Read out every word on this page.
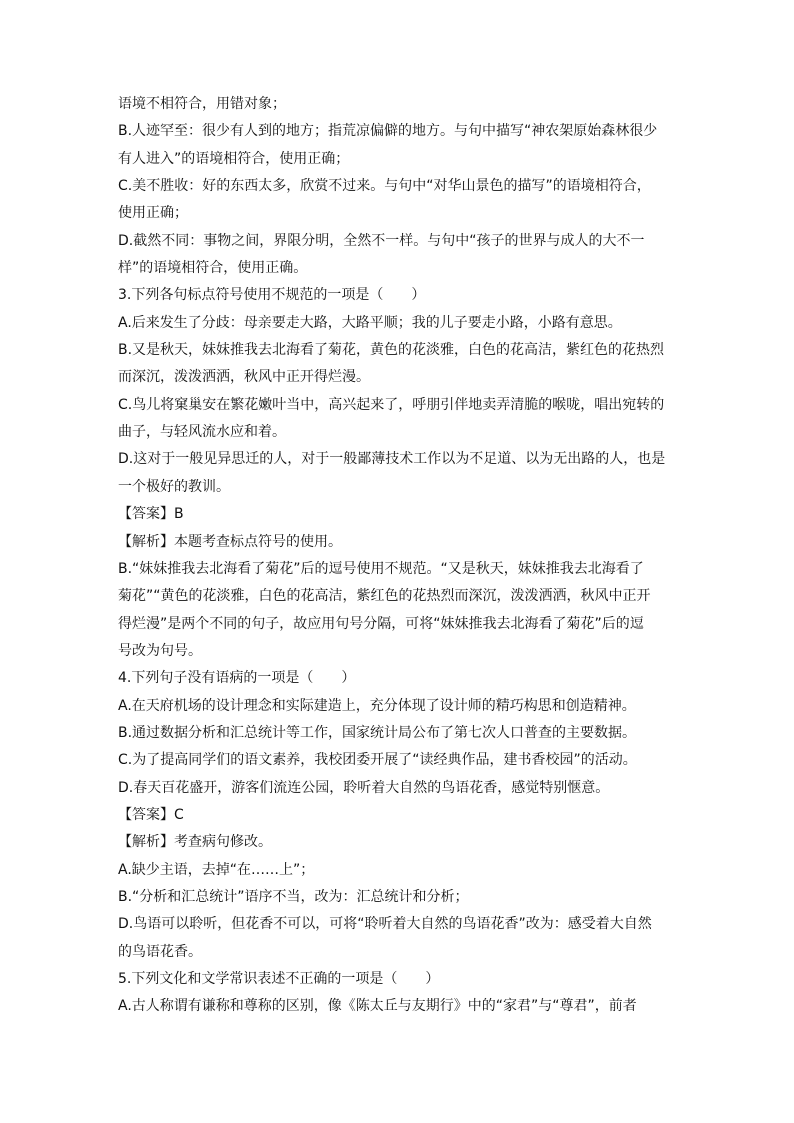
语境不相符合，用错对象；
B.人迹罕至：很少有人到的地方；指荒凉偏僻的地方。与句中描写“神农架原始森林很少
有人进入”的语境相符合，使用正确；
C.美不胜收：好的东西太多，欣赏不过来。与句中“对华山景色的描写”的语境相符合，
使用正确；
D.截然不同：事物之间，界限分明，全然不一样。与句中“孩子的世界与成人的大不一
样”的语境相符合，使用正确。
3.下列各句标点符号使用不规范的一项是（　　）
A.后来发生了分歧：母亲要走大路，大路平顺；我的儿子要走小路，小路有意思。
B.又是秋天，妹妹推我去北海看了菊花，黄色的花淡雅，白色的花高洁，紫红色的花热烈
而深沉，泼泼洒洒，秋风中正开得烂漫。
C.鸟儿将窠巢安在繁花嫩叶当中，高兴起来了，呼朋引伴地卖弄清脆的喉咙，唱出宛转的
曲子，与轻风流水应和着。
D.这对于一般见异思迁的人，对于一般鄙薄技术工作以为不足道、以为无出路的人，也是
一个极好的教训。
【答案】B
【解析】本题考查标点符号的使用。
B.“妹妹推我去北海看了菊花”后的逗号使用不规范。“又是秋天，妹妹推我去北海看了
菊花”“黄色的花淡雅，白色的花高洁，紫红色的花热烈而深沉，泼泼洒洒，秋风中正开
得烂漫”是两个不同的句子，故应用句号分隔，可将“妹妹推我去北海看了菊花”后的逗
号改为句号。
4.下列句子没有语病的一项是（　　）
A.在天府机场的设计理念和实际建造上，充分体现了设计师的精巧构思和创造精神。
B.通过数据分析和汇总统计等工作，国家统计局公布了第七次人口普查的主要数据。
C.为了提高同学们的语文素养，我校团委开展了“读经典作品，建书香校园”的活动。
D.春天百花盛开，游客们流连公园，聆听着大自然的鸟语花香，感觉特别惬意。
【答案】C
【解析】考查病句修改。
A.缺少主语，去掉“在……上”；
B.“分析和汇总统计”语序不当，改为：汇总统计和分析；
D.鸟语可以聆听，但花香不可以，可将“聆听着大自然的鸟语花香”改为：感受着大自然
的鸟语花香。
5.下列文化和文学常识表述不正确的一项是（　　）
A.古人称谓有谦称和尊称的区别，像《陈太丘与友期行》中的“家君”与“尊君”，前者
